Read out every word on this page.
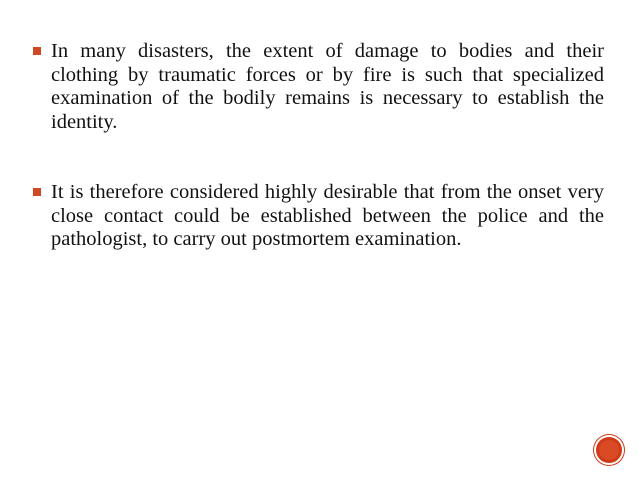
In many disasters, the extent of damage to bodies and their clothing by traumatic forces or by fire is such that specialized examination of the bodily remains is necessary to establish the identity.
It is therefore considered highly desirable that from the onset very close contact could be established between the police and the pathologist, to carry out postmortem examination.
